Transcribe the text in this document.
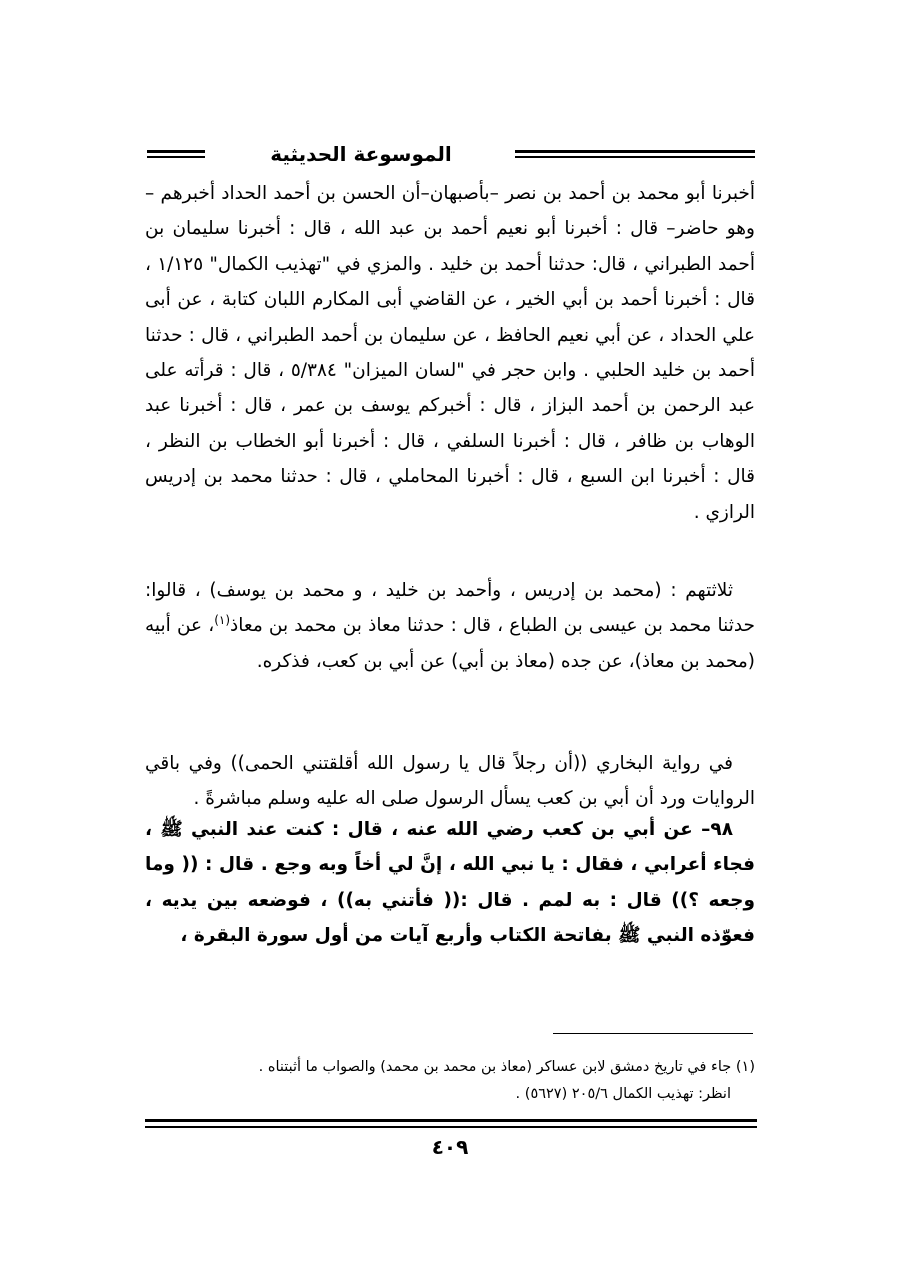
الموسوعة الحديثية

أخبرنا أبو محمد بن أحمد بن نصر –بأصبهان–أن الحسن بن أحمد الحداد أخبرهم –وهو حاضر– قال : أخبرنا أبو نعيم أحمد بن عبد الله ، قال : أخبرنا سليمان بن أحمد الطبراني ، قال: حدثنا أحمد بن خليد . والمزي في "تهذيب الكمال" ١/١٢٥ ، قال : أخبرنا أحمد بن أبي الخير ، عن القاضي أبى المكارم اللبان كتابة ، عن أبى علي الحداد ، عن أبي نعيم الحافظ ، عن سليمان بن أحمد الطبراني ، قال : حدثنا أحمد بن خليد الحلبي . وابن حجر في "لسان الميزان" ٥/٣٨٤ ، قال : قرأته على عبد الرحمن بن أحمد البزاز ، قال : أخبركم يوسف بن عمر ، قال : أخبرنا عبد الوهاب بن ظافر ، قال : أخبرنا السلفي ، قال : أخبرنا أبو الخطاب بن النظر ، قال : أخبرنا ابن السبع ، قال : أخبرنا المحاملي ، قال : حدثنا محمد بن إدريس الرازي .

ثلاثتهم : (محمد بن إدريس ، وأحمد بن خليد ، و محمد بن يوسف) ، قالوا: حدثنا محمد بن عيسى بن الطباع ، قال : حدثنا معاذ بن محمد بن معاذ$^{(١)}$، عن أبيه (محمد بن معاذ)، عن جده (معاذ بن أبي) عن أبي بن كعب، فذكره.

في رواية البخاري ((أن رجلاً قال يا رسول الله أقلقتني الحمى)) وفي باقي الروايات ورد أن أبي بن كعب يسأل الرسول صلى اله عليه وسلم مباشرةً .

٩٨– عن أبي بن كعب رضي الله عنه ، قال : كنت عند النبي ﷺ ، فجاء أعرابي ، فقال : يا نبي الله ، إنَّ لي أخاً وبه وجع . قال : (( وما وجعه ؟)) قال : به لمم . قال :(( فأتني به)) ، فوضعه بين يديه ، فعوّذه النبي ﷺ بفاتحة الكتاب وأربع آيات من أول سورة البقرة ،

(١) جاء في تاريخ دمشق لابن عساكر (معاذ بن محمد بن محمد) والصواب ما أثبتناه .

انظر: تهذيب الكمال ٢٠٥/٦ (٥٦٢٧) .

٤٠٩
